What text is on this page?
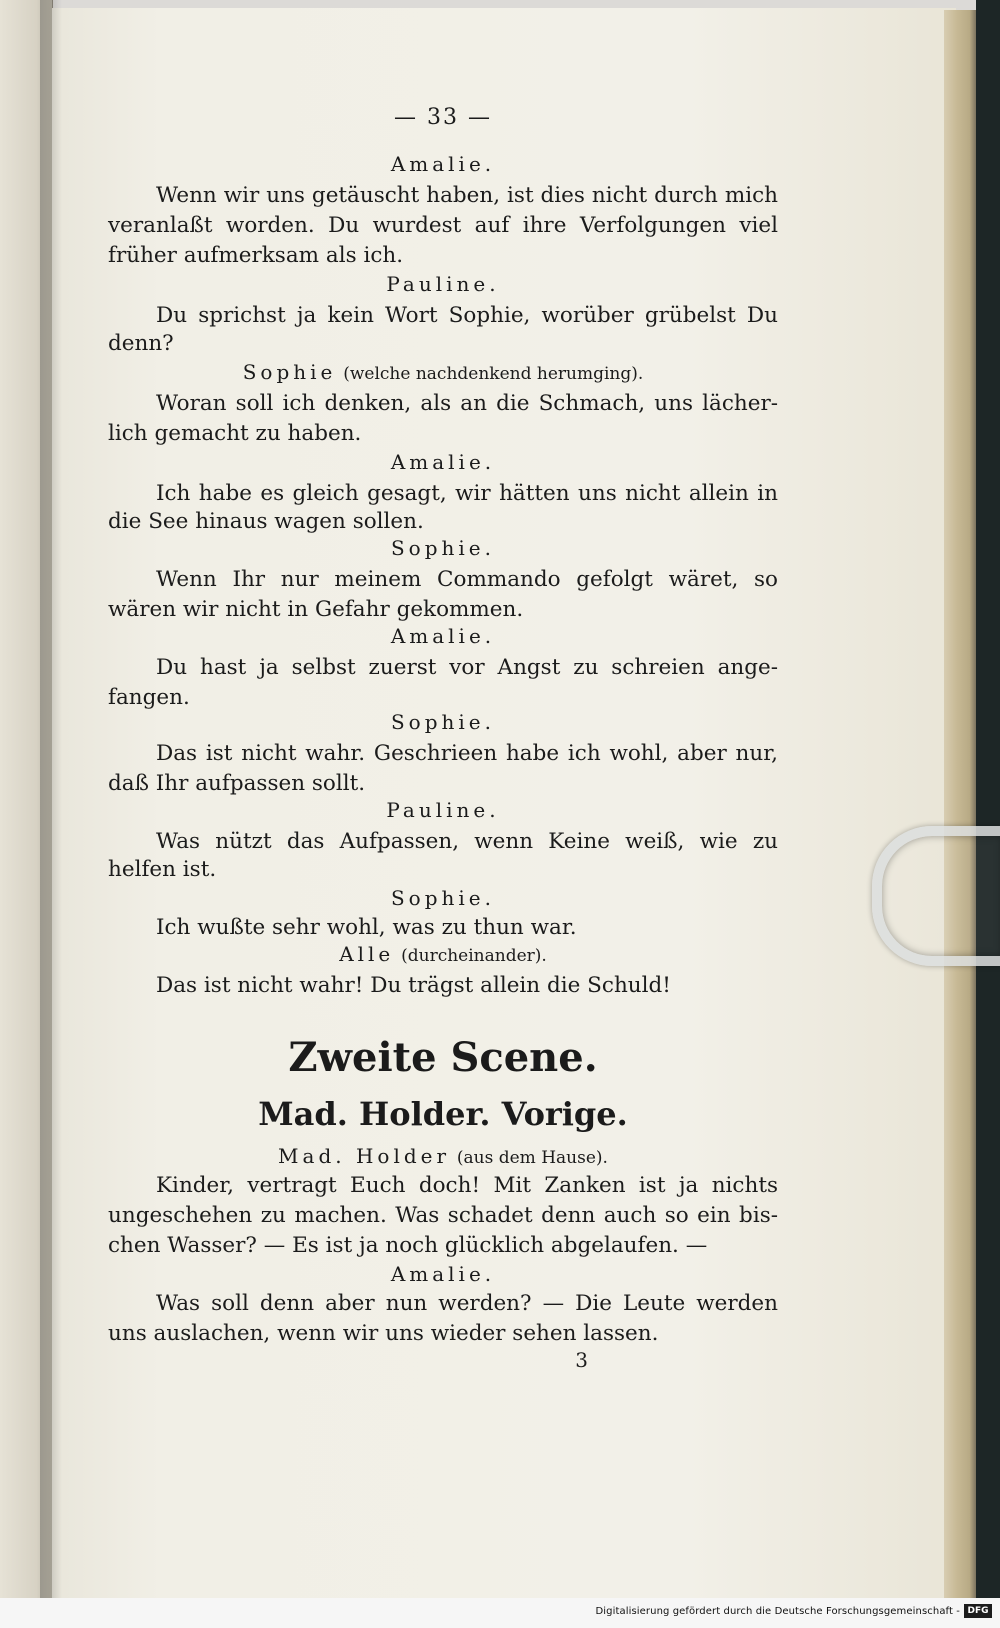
— 33 —
Amalie.
Wenn wir uns getäuscht haben, ist dies nicht durch mich
veranlaßt worden. Du wurdest auf ihre Verfolgungen viel
früher aufmerksam als ich.
Pauline.
Du sprichst ja kein Wort Sophie, worüber grübelst Du
denn?
Sophie (welche nachdenkend herumging).
Woran soll ich denken, als an die Schmach, uns lächer-
lich gemacht zu haben.
Amalie.
Ich habe es gleich gesagt, wir hätten uns nicht allein in
die See hinaus wagen sollen.
Sophie.
Wenn Ihr nur meinem Commando gefolgt wäret, so
wären wir nicht in Gefahr gekommen.
Amalie.
Du hast ja selbst zuerst vor Angst zu schreien ange-
fangen.
Sophie.
Das ist nicht wahr. Geschrieen habe ich wohl, aber nur,
daß Ihr aufpassen sollt.
Pauline.
Was nützt das Aufpassen, wenn Keine weiß, wie zu
helfen ist.
Sophie.
Ich wußte sehr wohl, was zu thun war.
Alle (durcheinander).
Das ist nicht wahr! Du trägst allein die Schuld!
Zweite Scene.
Mad. Holder. Vorige.
Mad. Holder (aus dem Hause).
Kinder, vertragt Euch doch! Mit Zanken ist ja nichts
ungeschehen zu machen. Was schadet denn auch so ein bis-
chen Wasser? — Es ist ja noch glücklich abgelaufen. —
Amalie.
Was soll denn aber nun werden? — Die Leute werden
uns auslachen, wenn wir uns wieder sehen lassen.
3
Digitalisierung gefördert durch die Deutsche Forschungsgemeinschaft - DFG
